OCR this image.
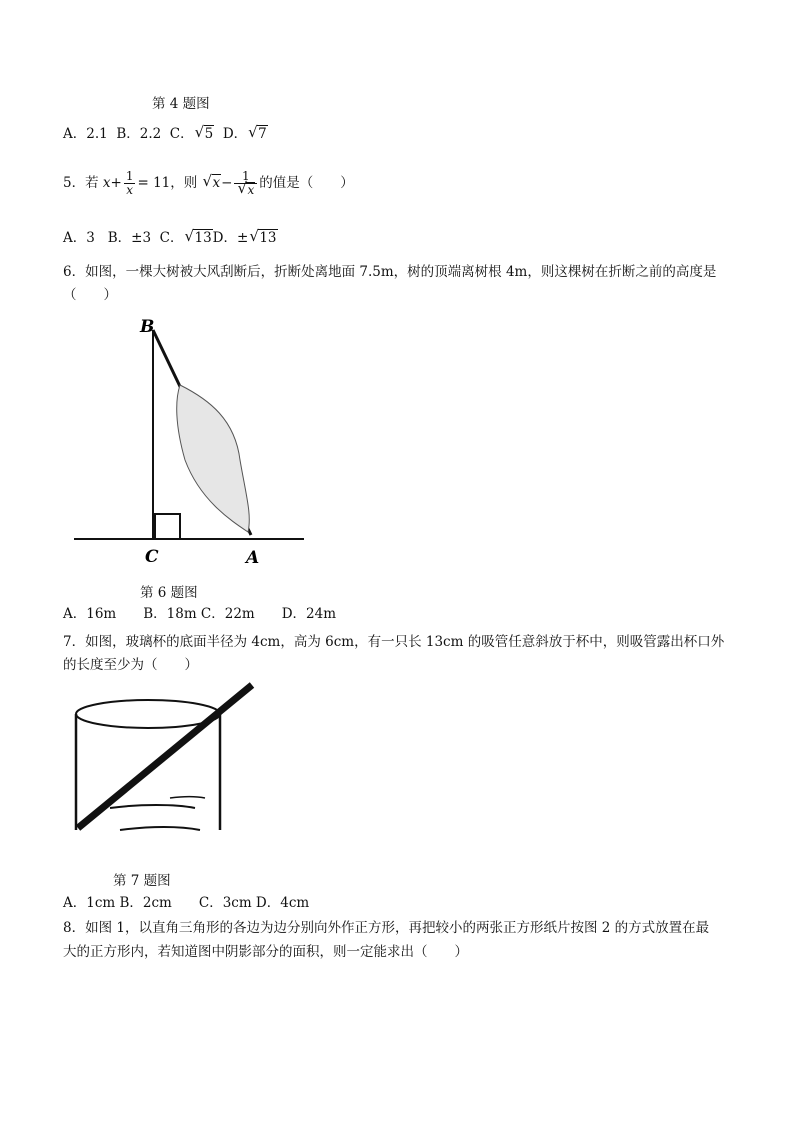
第 4 题图
A．2.1 B．2.2 C． √ 5 D． √ 7
5．若 $x+ \frac{1}{x} = 11$，则 √ x− 1
√ x 的值是（　　）
A．3 B．±3 C． √ 13D．± √ 13
6．如图，一棵大树被大风刮断后，折断处离地面 7.5m，树的顶端离树根 4m，则这棵树在折断之前的高度是
（　　）
B
C	A
第 6 题图
A．16m　　B．18m C．22m　　D．24m
7．如图，玻璃杯的底面半径为 4cm，高为 6cm，有一只长 13cm 的吸管任意斜放于杯中，则吸管露出杯口外
的长度至少为（　　）
第 7 题图
A．1cm B．2cm　　C．3cm D．4cm
8．如图 1，以直角三角形的各边为边分别向外作正方形，再把较小的两张正方形纸片按图 2 的方式放置在最
大的正方形内，若知道图中阴影部分的面积，则一定能求出（　　）
